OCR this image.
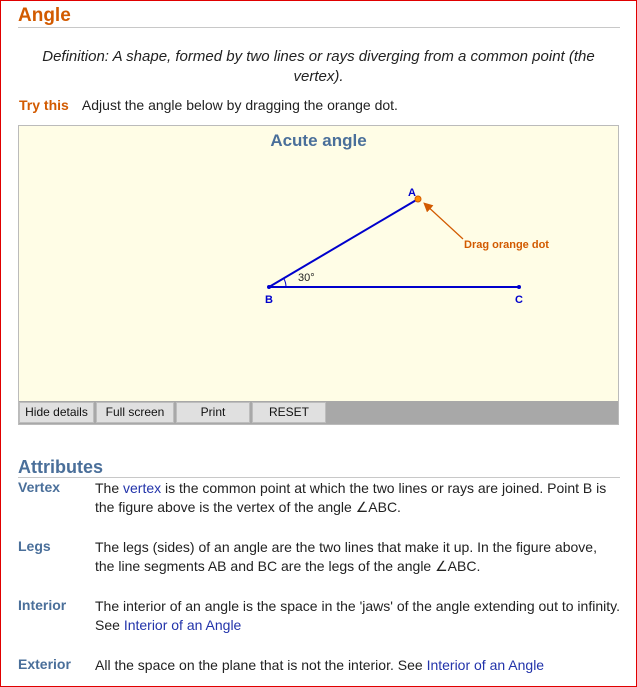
Angle
Definition: A shape, formed by two lines or rays diverging from a common point (the vertex).
Try this Adjust the angle below by dragging the orange dot.
Acute angle
A
B	C
30°
Drag orange dot
Hide details	Full screen	Print	RESET
Attributes
Vertex The vertex is the common point at which the two lines or rays are joined. Point B is the figure above is the vertex of the angle ∠ABC.
Legs	The legs (sides) of an angle are the two lines that make it up. In the figure above, the line segments AB and BC are the legs of the angle ∠ABC.
Interior The interior of an angle is the space in the 'jaws' of the angle extending out to infinity. See Interior of an Angle
Exterior All the space on the plane that is not the interior. See Interior of an Angle
